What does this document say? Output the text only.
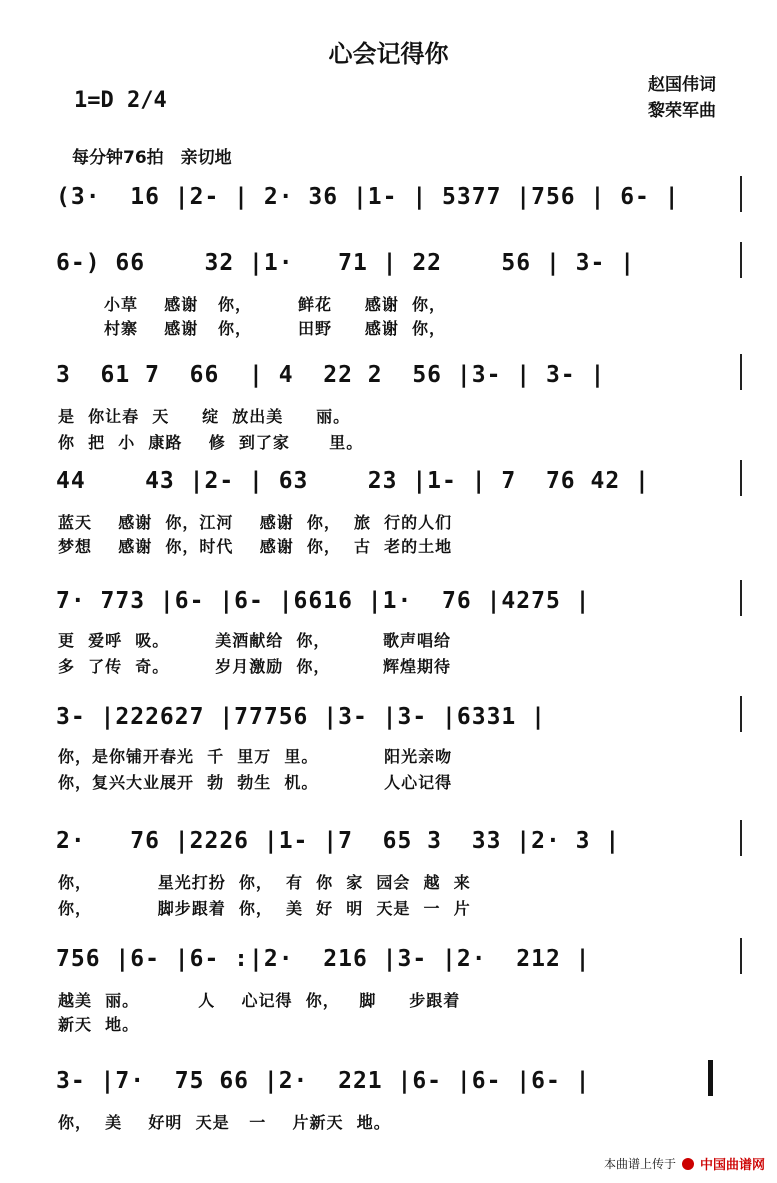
心会记得你
1=D 2/4
赵国伟词
黎荣军曲
每分钟76拍　亲切地
(3·  16 |2- | 2· 36 |1- | 5377 |756 | 6- |
6-) 66    32 |1·   71 | 22    56 | 3- |
小草    感谢   你，       鲜花     感谢  你，
村寨    感谢   你，       田野     感谢  你，
3  61 7  66  | 4  22 2  56 |3- | 3- |
是  你让春  天     绽  放出美     丽。
你  把  小  康路    修  到了家      里。
44    43 |2- | 63    23 |1- | 7  76 42 |
蓝天    感谢  你，江河    感谢  你，  旅  行的人们
梦想    感谢  你，时代    感谢  你，  古  老的土地
7· 773 |6- |6- |6616 |1·  76 |4275 |
更  爱呼  吸。       美酒献给  你，        歌声唱给
多  了传  奇。       岁月激励  你，        辉煌期待
3- |222627 |77756 |3- |3- |6331 |
你，是你铺开春光  千  里万  里。          阳光亲吻
你，复兴大业展开  勃  勃生  机。          人心记得
2·   76 |2226 |1- |7  65 3  33 |2· 3 |
你，          星光打扮  你，  有  你  家  园会  越  来
你，          脚步跟着  你，  美  好  明  天是  一  片
756 |6- |6- :|2·  216 |3- |2·  212 |
越美  丽。         人    心记得  你，   脚     步跟着
新天  地。
3- |7·  75 66 |2·  221 |6- |6- |6- |
你，  美    好明  天是   一    片新天  地。
本曲谱上传于 中国曲谱网
